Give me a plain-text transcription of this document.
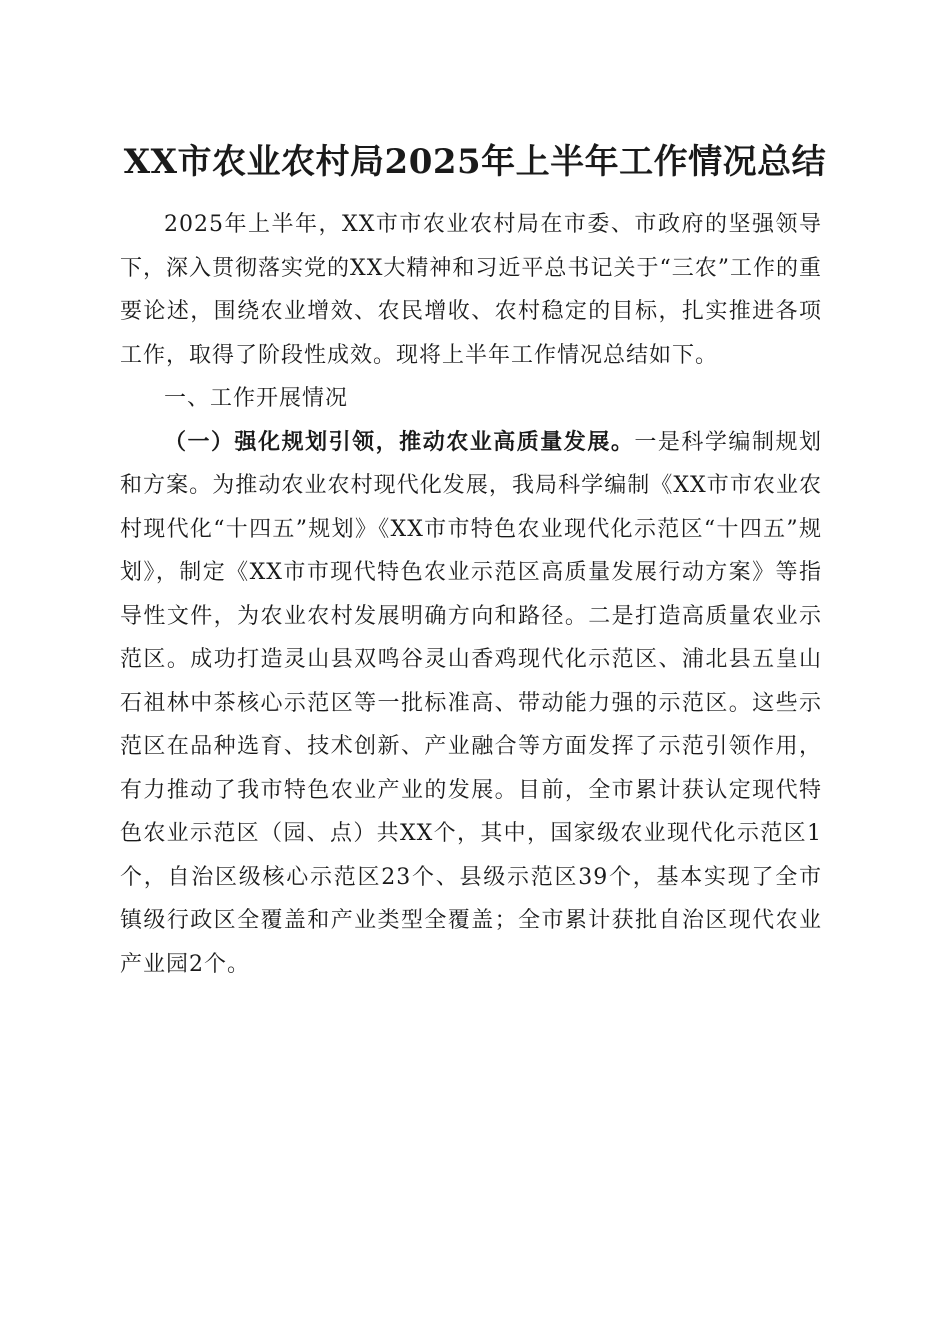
XX市农业农村局2025年上半年工作情况总结

2025年上半年，XX市市农业农村局在市委、市政府的坚强领导下，深入贯彻落实党的XX大精神和习近平总书记关于“三农”工作的重要论述，围绕农业增效、农民增收、农村稳定的目标，扎实推进各项工作，取得了阶段性成效。现将上半年工作情况总结如下。

一、工作开展情况

（一）强化规划引领，推动农业高质量发展。一是科学编制规划和方案。为推动农业农村现代化发展，我局科学编制《XX市市农业农村现代化“十四五”规划》《XX市市特色农业现代化示范区“十四五”规划》，制定《XX市市现代特色农业示范区高质量发展行动方案》等指导性文件，为农业农村发展明确方向和路径。二是打造高质量农业示范区。成功打造灵山县双鸣谷灵山香鸡现代化示范区、浦北县五皇山石祖林中茶核心示范区等一批标准高、带动能力强的示范区。这些示范区在品种选育、技术创新、产业融合等方面发挥了示范引领作用，有力推动了我市特色农业产业的发展。目前，全市累计获认定现代特色农业示范区（园、点）共XX个，其中，国家级农业现代化示范区1个，自治区级核心示范区23个、县级示范区39个，基本实现了全市镇级行政区全覆盖和产业类型全覆盖；全市累计获批自治区现代农业产业园2个。
